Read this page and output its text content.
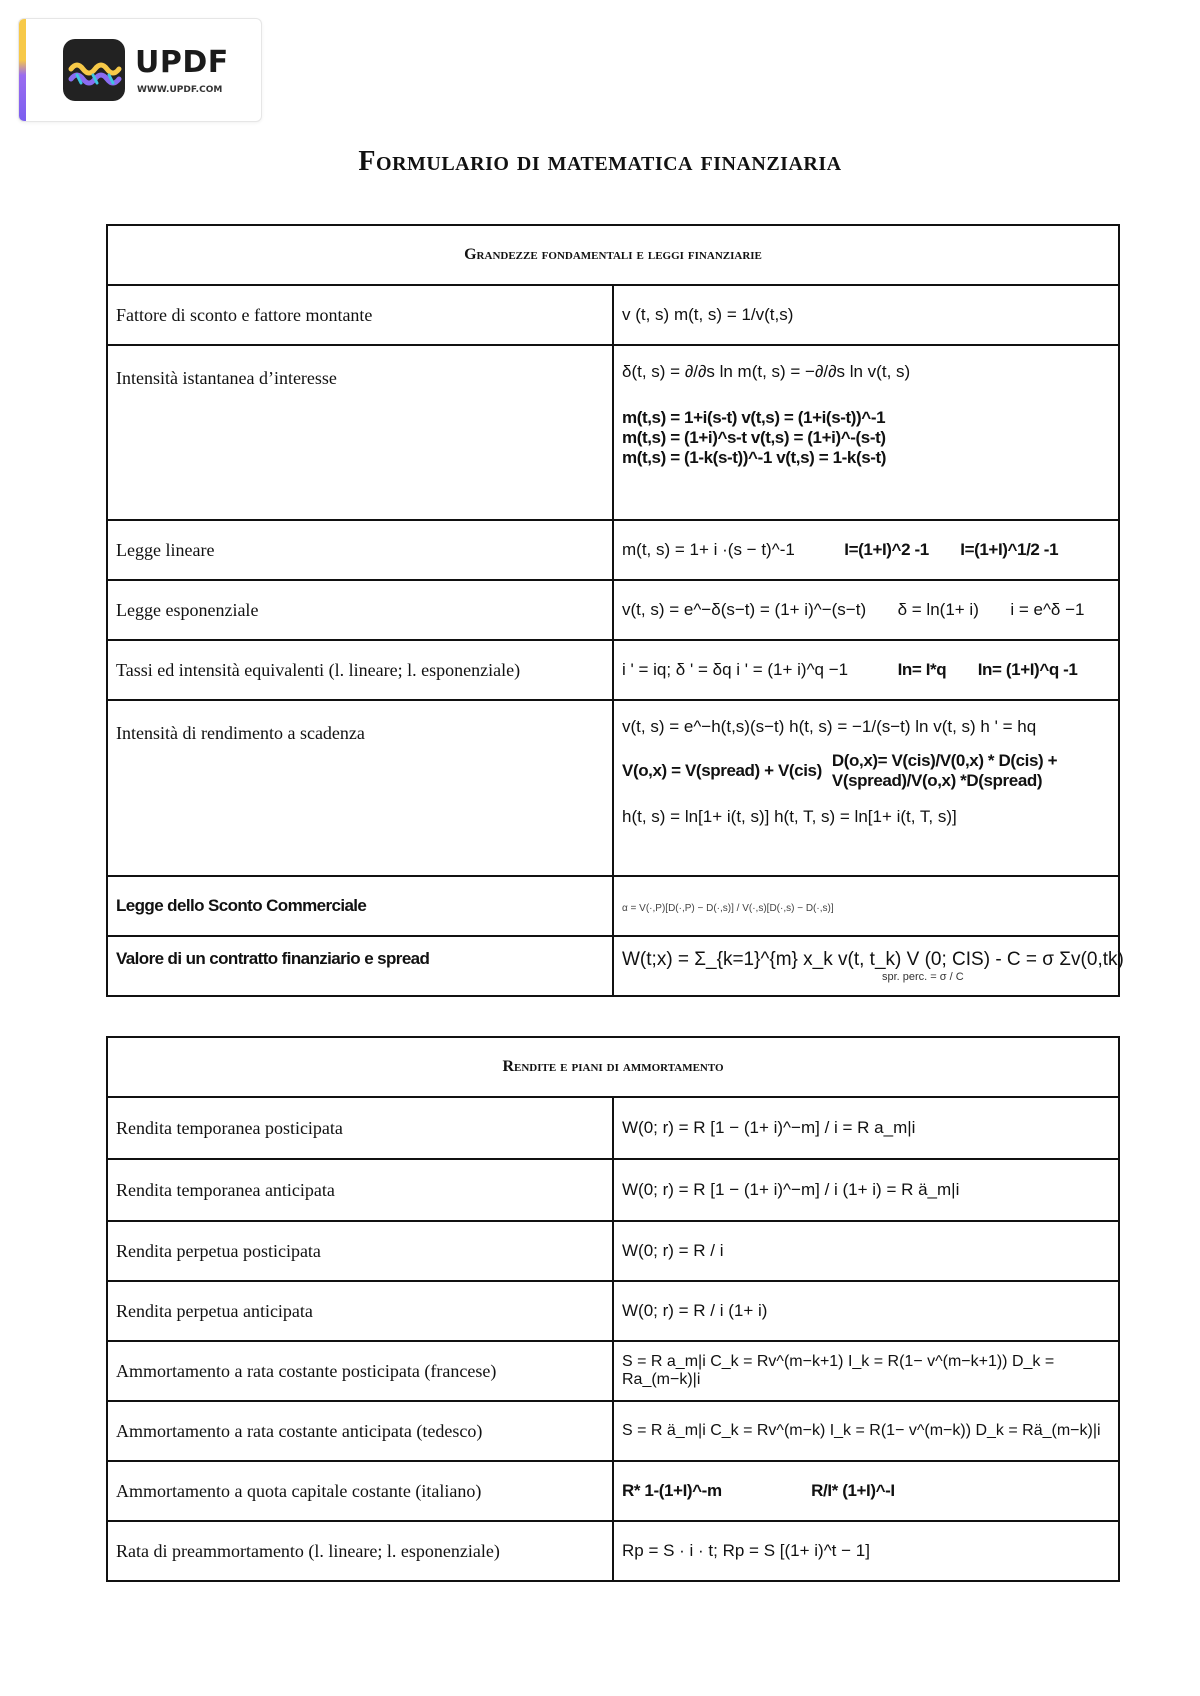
UPDF
WWW.UPDF.COM
Formulario di matematica finanziaria
Grandezze fondamentali e leggi finanziarie	
Fattore di sconto e fattore montante	v (t, s) m(t, s) = 1/v(t,s)

Intensità istantanea d’interesse	δ(t, s) = ∂/∂s ln m(t, s) = −∂/∂s ln v(t, s)
m(t,s) = 1+i(s-t) v(t,s) = (1+i(s-t))^-1
m(t,s) = (1+i)^s-t v(t,s) = (1+i)^-(s-t)
m(t,s) = (1-k(s-t))^-1 v(t,s) = 1-k(s-t)

Legge lineare	m(t, s) = 1+ i ·(s − t)^-1 I=(1+I)^2 -1 I=(1+I)^1/2 -1
Legge esponenziale	v(t, s) = e^−δ(s−t) = (1+ i)^−(s−t) δ = ln(1+ i) i = e^δ −1
Tassi ed intensità equivalenti (l. lineare; l. esponenziale)	i ' = iq; δ ' = δq i ' = (1+ i)^q −1 In= I*q In= (1+I)^q -1
Intensità di rendimento a scadenza	v(t, s) = e^−h(t,s)(s−t) h(t, s) = −1/(s−t) ln v(t, s) h ' = hq
V(o,x) = V(spread) + V(cis)
D(o,x)= V(cis)/V(0,x) * D(cis) +
V(spread)/V(o,x) *D(spread)
h(t, s) = ln[1+ i(t, s)] h(t, T, s) = ln[1+ i(t, T, s)]

Legge dello Sconto Commerciale	α = V(·,P)[D(·,P) − D(·,s)] / V(·,s)[D(·,s) − D(·,s)]
Valore di un contratto finanziario e spread	W(t;x) = Σ_{k=1}^{m} x_k v(t, t_k) V (0; CIS) - C = σ Σv(0,tk)
spr. perc. = σ / C
Rendite e piani di ammortamento	
Rendita temporanea posticipata	W(0; r) = R [1 − (1+ i)^−m] / i = R a_m|i
Rendita temporanea anticipata	W(0; r) = R [1 − (1+ i)^−m] / i (1+ i) = R ä_m|i
Rendita perpetua posticipata	W(0; r) = R / i
Rendita perpetua anticipata	W(0; r) = R / i (1+ i)
Ammortamento a rata costante posticipata (francese)	S = R a_m|i C_k = Rv^(m−k+1) I_k = R(1− v^(m−k+1)) D_k = Ra_(m−k)|i
Ammortamento a rata costante anticipata (tedesco)	S = R ä_m|i C_k = Rv^(m−k) I_k = R(1− v^(m−k)) D_k = Rä_(m−k)|i
Ammortamento a quota capitale costante (italiano)	R* 1-(1+I)^-m R/I* (1+I)^-I
Rata di preammortamento (l. lineare; l. esponenziale)	Rp = S · i · t; Rp = S [(1+ i)^t − 1]
